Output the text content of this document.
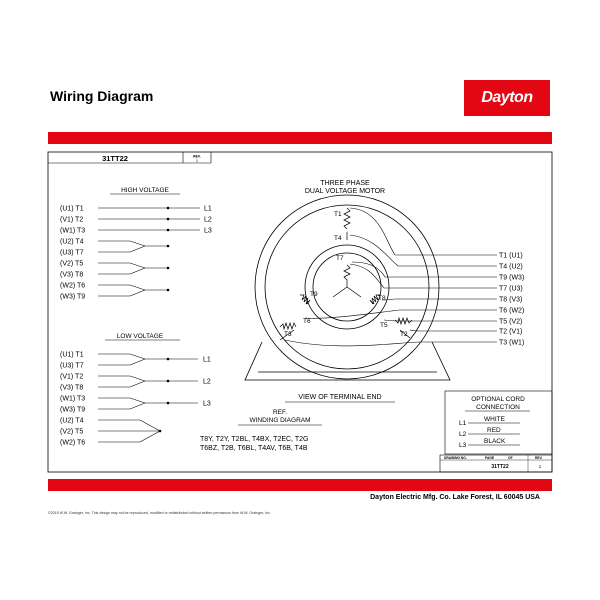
Wiring Diagram	Dayton
31TT22	REV.
1
HIGH VOLTAGE
(U1) T1
(V1) T2
(W1) T3
(U2) T4
(U3) T7
(V2) T5
(V3) T8
(W2) T6
(W3) T9
L1
L2
L3
LOW VOLTAGE
(U1) T1
(U3) T7
(V1) T2
(V3) T8
(W1) T3
(W3) T9
(U2) T4
(V2) T5
(W2) T6
L1
L2
L3
THREE PHASE
DUAL VOLTAGE MOTOR
T1
T4
T7
T9
T8
T6
T5
T3	T2
T1 (U1)
T4 (U2)
T9 (W3)
T7 (U3)
T8 (V3)
T6 (W2)
T5 (V2)
T2 (V1)
T3 (W1)
VIEW OF TERMINAL END
REF.
WINDING DIAGRAM
T8Y, T2Y, T2BL, T4BX, T2EC, T2G
T6BZ, T2B, T6BL, T4AV, T6B, T4B
OPTIONAL CORD
CONNECTION
L1
WHITE
L2
RED
L3
BLACK
DRAWING NO.	PAGE	OF	REV.
31TT22	1
Dayton Electric Mfg. Co. Lake Forest, IL 60045 USA
©2015 W.W. Grainger, Inc. This design may not be reproduced, modified or redistributed without written permission from W.W. Grainger, Inc.
